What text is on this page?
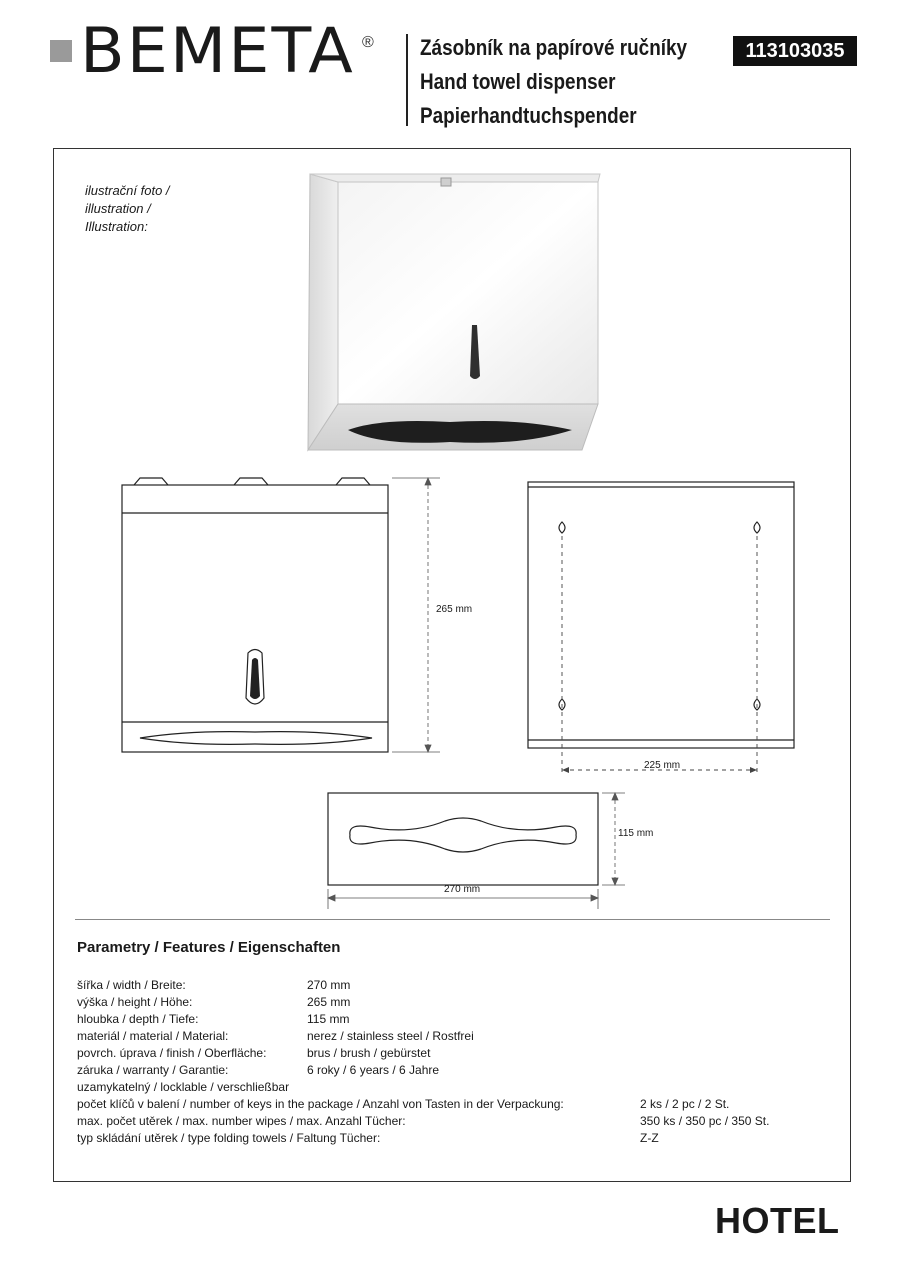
BEMETA ® Zásobník na papírové ručníky
Hand towel dispenser
Papierhandtuchspender
113103035
ilustrační foto /
illustration /
Illustration:
265 mm
225 mm
115 mm
270 mm
Parametry / Features / Eigenschaften
šířka / width / Breite:	270 mm
výška / height / Höhe:	265 mm
hloubka / depth / Tiefe:	115 mm
materiál / material / Material:	nerez / stainless steel / Rostfrei
povrch. úprava / finish / Oberfläche:	brus / brush / gebürstet
záruka / warranty / Garantie:	6 roky / 6 years / 6 Jahre
uzamykatelný / locklable / verschließbar
počet klíčů v balení / number of keys in the package / Anzahl von Tasten in der Verpackung:	2 ks / 2 pc / 2 St.
max. počet utěrek / max. number wipes / max. Anzahl Tücher:	350 ks / 350 pc / 350 St.
typ skládání utěrek / type folding towels / Faltung Tücher:	Z-Z
HOTEL
